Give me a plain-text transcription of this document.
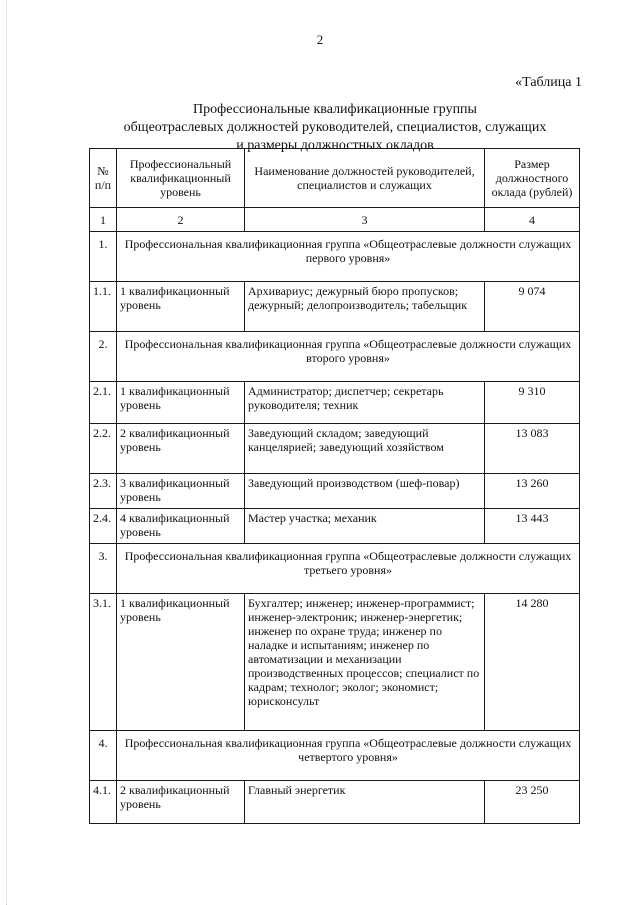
2
«Таблица 1
Профессиональные квалификационные группы
общеотраслевых должностей руководителей, специалистов, служащих
и размеры должностных окладов
№ п/п	Профессиональный квалификационный уровень	Наименование должностей руководителей, специалистов и служащих	Размер должностного оклада (рублей)
1	2	3	4
1.	Профессиональная квалификационная группа «Общеотраслевые должности служащих первого уровня»		
1.1.	1 квалификационный уровень	Архивариус; дежурный бюро пропусков; дежурный; делопроизводитель; табельщик	9 074
2.	Профессиональная квалификационная группа «Общеотраслевые должности служащих второго уровня»		
2.1.	1 квалификационный уровень	Администратор; диспетчер; секретарь руководителя; техник	9 310
2.2.	2 квалификационный уровень	Заведующий складом; заведующий канцелярией; заведующий хозяйством	13 083
2.3.	3 квалификационный уровень	Заведующий производством (шеф-повар)	13 260
2.4.	4 квалификационный уровень	Мастер участка; механик	13 443
3.	Профессиональная квалификационная группа «Общеотраслевые должности служащих третьего уровня»		
3.1.	1 квалификационный уровень	Бухгалтер; инженер; инженер-программист; инженер-электроник; инженер-энергетик; инженер по охране труда; инженер по наладке и испытаниям; инженер по автоматизации и механизации производственных процессов; специалист по кадрам; технолог; эколог; экономист; юрисконсульт	14 280
4.	Профессиональная квалификационная группа «Общеотраслевые должности служащих четвертого уровня»		
4.1.	2 квалификационный уровень	Главный энергетик	23 250
